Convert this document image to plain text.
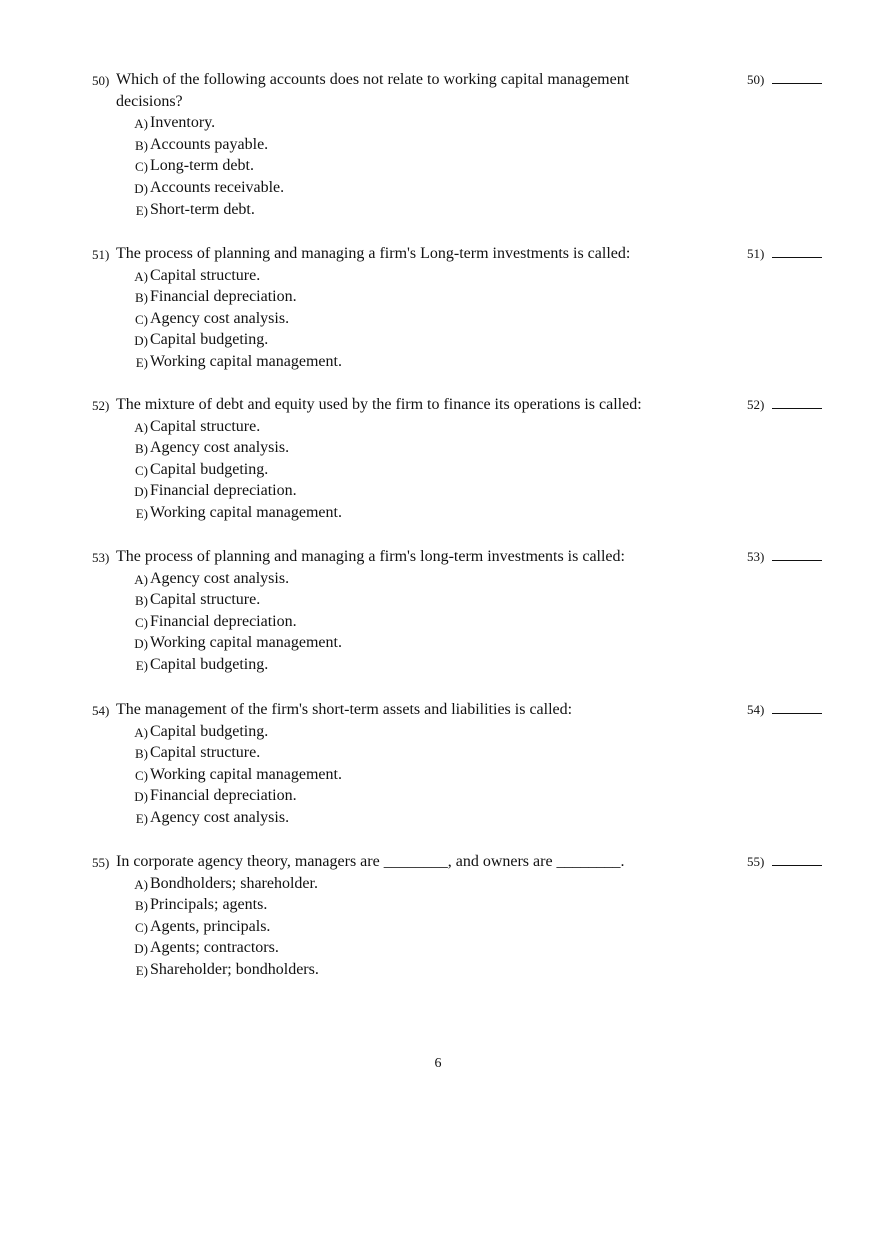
50) Which of the following accounts does not relate to working capital management decisions?
A) Inventory.
B) Accounts payable.
C) Long-term debt.
D) Accounts receivable.
E) Short-term debt.
50)
51) The process of planning and managing a firm's Long-term investments is called:
A) Capital structure.
B) Financial depreciation.
C) Agency cost analysis.
D) Capital budgeting.
E) Working capital management.
51)
52) The mixture of debt and equity used by the firm to finance its operations is called:
A) Capital structure.
B) Agency cost analysis.
C) Capital budgeting.
D) Financial depreciation.
E) Working capital management.
52)
53) The process of planning and managing a firm's long-term investments is called:
A) Agency cost analysis.
B) Capital structure.
C) Financial depreciation.
D) Working capital management.
E) Capital budgeting.
53)
54) The management of the firm's short-term assets and liabilities is called:
A) Capital budgeting.
B) Capital structure.
C) Working capital management.
D) Financial depreciation.
E) Agency cost analysis.
54)
55) In corporate agency theory, managers are ________, and owners are ________.
A) Bondholders; shareholder.
B) Principals; agents.
C) Agents, principals.
D) Agents; contractors.
E) Shareholder; bondholders.
55)
6
